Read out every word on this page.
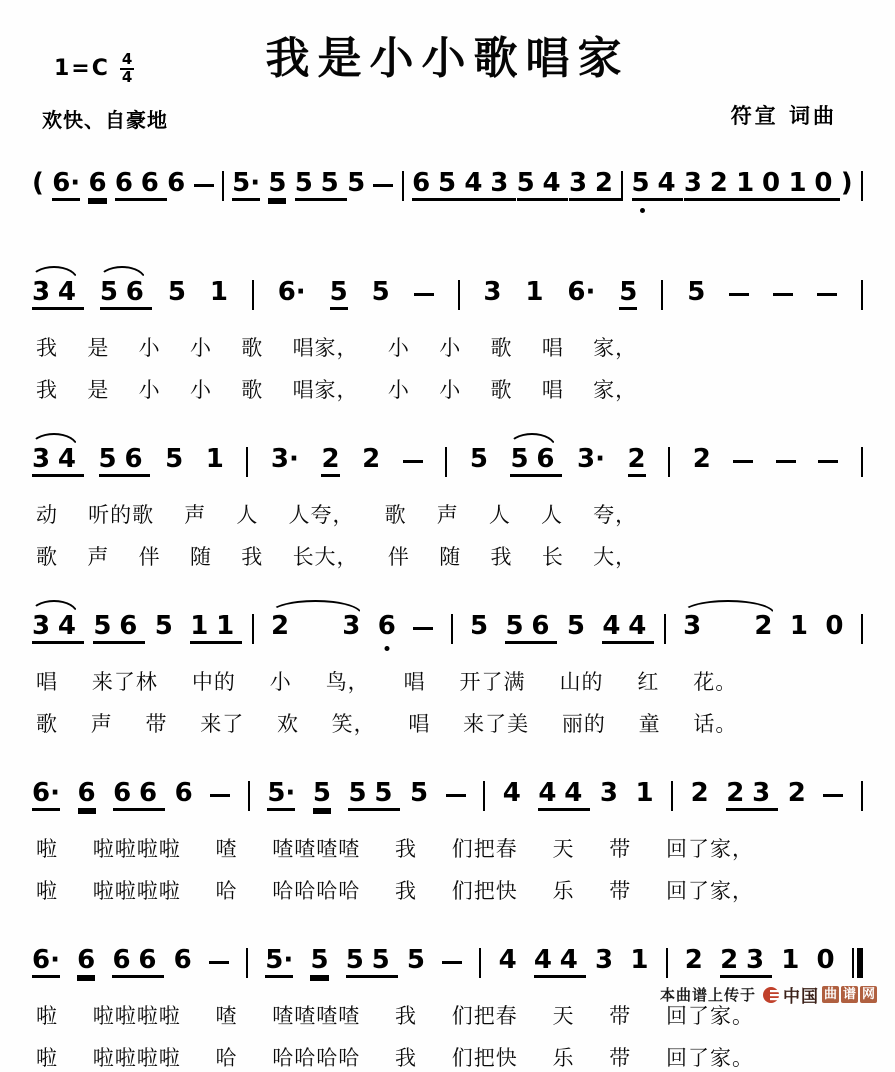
我是小小歌唱家
$1=C \frac{4}{4}$
欢快、自豪地	符宣 词曲
( 6· 6 66 6 5· 5 55 5 65 43 54 32 54 32 10 10 )
34 56 5 1 6· 5 5	3 1 6· 5 5
我 是 小 小 歌 唱家， 小 小 歌 唱 家，
我 是 小 小 歌 唱家， 小 小 歌 唱 家，
34 56 5 1 3· 2 2	5 56 3· 2 2
动 听的歌 声 人 人夸， 歌 声 人 人 夸，
歌 声 伴 随 我 长大， 伴 随 我 长 大，
34 56 5 11 2 3
6	5 56 5 44 3 2
1 0
唱 来了林 中的 小 鸟， 唱 开了满 山的 红 花。
歌 声 带 来了 欢 笑， 唱 来了美 丽的 童 话。
6· 6 66 6	5· 5 55 5	4 44 3 1 2 23 2
啦 啦啦啦啦 喳 喳喳喳喳 我 们把春 天 带 回了家，
啦 啦啦啦啦 哈 哈哈哈哈 我 们把快 乐 带 回了家，
6· 6 66 6	5· 5 55 5	4 44 3 1 2 23 1 0
啦 啦啦啦啦 喳 喳喳喳喳 我 们把春 天 带 回了家。
啦 啦啦啦啦 哈 哈哈哈哈 我 们把快 乐 带 回了家。
本曲谱上传于 中国 曲 谱 网
